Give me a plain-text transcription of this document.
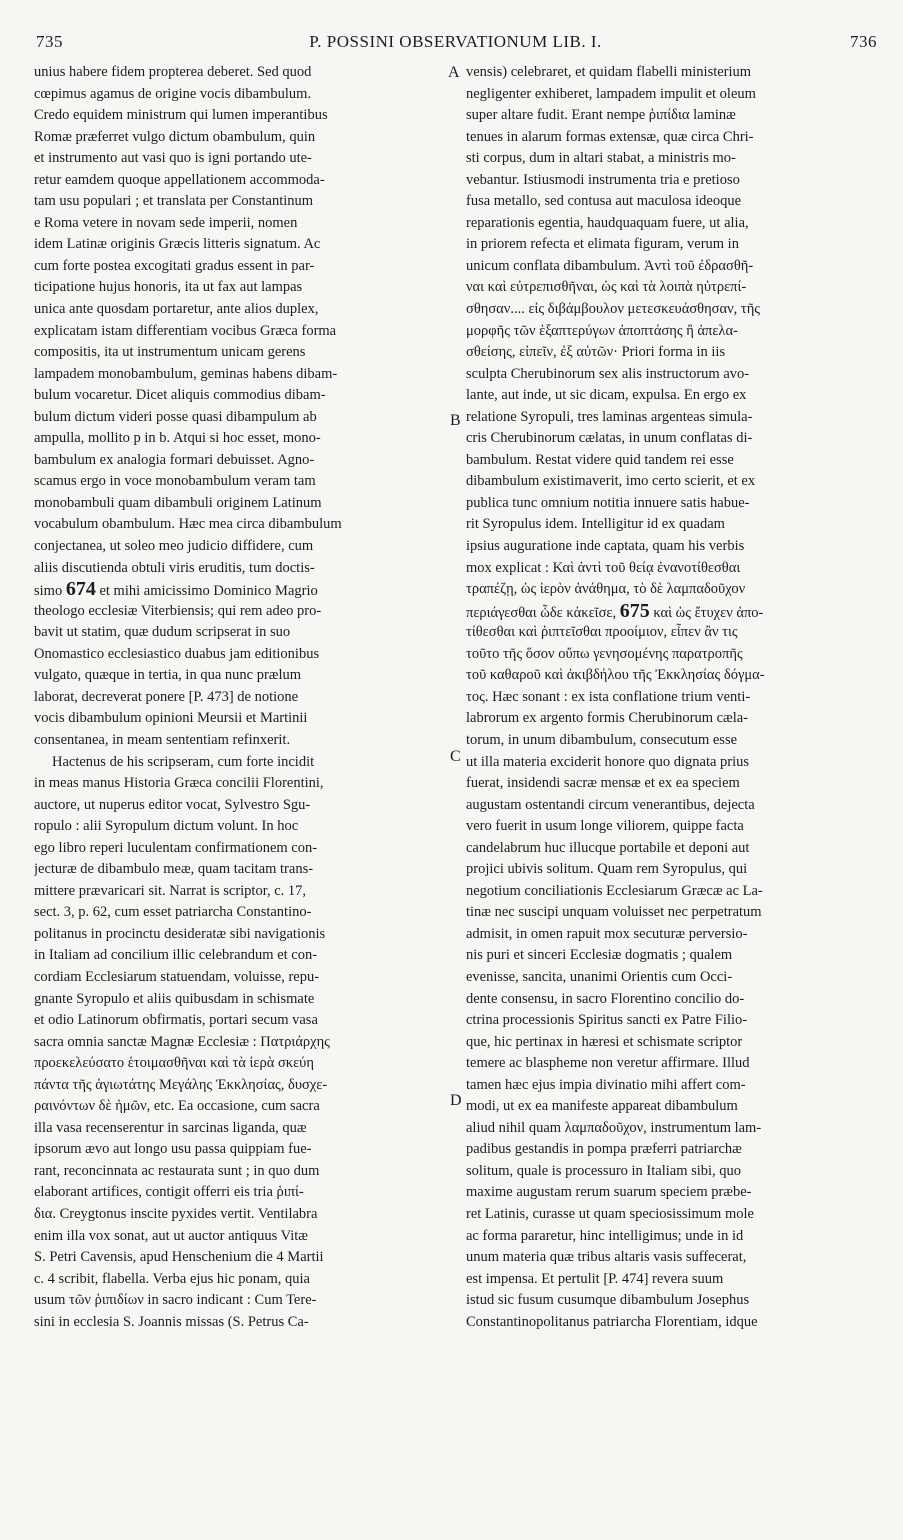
735	P. POSSINI OBSERVATIONUM LIB. I.	736
A
B
C
D
unius habere fidem propterea deberet. Sed quod
cœpimus agamus de origine vocis dibambulum.
Credo equidem ministrum qui lumen imperantibus
Romæ præferret vulgo dictum obambulum, quin
et instrumento aut vasi quo is igni portando ute-
retur eamdem quoque appellationem accommoda-
tam usu populari ; et translata per Constantinum
e Roma vetere in novam sede imperii, nomen
idem Latinæ originis Græcis litteris signatum. Ac
cum forte postea excogitati gradus essent in par-
ticipatione hujus honoris, ita ut fax aut lampas
unica ante quosdam portaretur, ante alios duplex,
explicatam istam differentiam vocibus Græca forma
compositis, ita ut instrumentum unicam gerens
lampadem monobambulum, geminas habens dibam-
bulum vocaretur. Dicet aliquis commodius dibam-
bulum dictum videri posse quasi dibampulum ab
ampulla, mollito p in b. Atqui si hoc esset, mono-
bambulum ex analogia formari debuisset. Agno-
scamus ergo in voce monobambulum veram tam
monobambuli quam dibambuli originem Latinum
vocabulum obambulum. Hæc mea circa dibambulum
conjectanea, ut soleo meo judicio diffidere, cum
aliis discutienda obtuli viris eruditis, tum doctis-
simo 674 et mihi amicissimo Dominico Magrio
theologo ecclesiæ Viterbiensis; qui rem adeo pro-
bavit ut statim, quæ dudum scripserat in suo
Onomastico ecclesiastico duabus jam editionibus
vulgato, quæque in tertia, in qua nunc prælum
laborat, decreverat ponere [P. 473] de notione
vocis dibambulum opinioni Meursii et Martinii
consentanea, in meam sententiam refinxerit.
Hactenus de his scripseram, cum forte incidit
in meas manus Historia Græca concilii Florentini,
auctore, ut nuperus editor vocat, Sylvestro Sgu-
ropulo : alii Syropulum dictum volunt. In hoc
ego libro reperi luculentam confirmationem con-
jecturæ de dibambulo meæ, quam tacitam trans-
mittere prævaricari sit. Narrat is scriptor, c. 17,
sect. 3, p. 62, cum esset patriarcha Constantino-
politanus in procinctu desideratæ sibi navigationis
in Italiam ad concilium illic celebrandum et con-
cordiam Ecclesiarum statuendam, voluisse, repu-
gnante Syropulo et aliis quibusdam in schismate
et odio Latinorum obfirmatis, portari secum vasa
sacra omnia sanctæ Magnæ Ecclesiæ : Πατριάρχης
προεκελεύσατο ἑτοιμασθῆναι καὶ τὰ ἱερὰ σκεύη
πάντα τῆς ἁγιωτάτης Μεγάλης Ἐκκλησίας, δυσχε-
ραινόντων δὲ ἡμῶν, etc. Ea occasione, cum sacra
illa vasa recenserentur in sarcinas liganda, quæ
ipsorum ævo aut longo usu passa quippiam fue-
rant, reconcinnata ac restaurata sunt ; in quo dum
elaborant artifices, contigit offerri eis tria ῥιπί-
δια. Creygtonus inscite pyxides vertit. Ventilabra
enim illa vox sonat, aut ut auctor antiquus Vitæ
S. Petri Cavensis, apud Henschenium die 4 Martii
c. 4 scribit, flabella. Verba ejus hic ponam, quia
usum τῶν ῥιπιδίων in sacro indicant : Cum Tere-
sini in ecclesia S. Joannis missas (S. Petrus Ca-
vensis) celebraret, et quidam flabelli ministerium
negligenter exhiberet, lampadem impulit et oleum
super altare fudit. Erant nempe ῥιπίδια laminæ
tenues in alarum formas extensæ, quæ circa Chri-
sti corpus, dum in altari stabat, a ministris mo-
vebantur. Istiusmodi instrumenta tria e pretioso
fusa metallo, sed contusa aut maculosa ideoque
reparationis egentia, haudquaquam fuere, ut alia,
in priorem refecta et elimata figuram, verum in
unicum conflata dibambulum. Ἀντὶ τοῦ ἐδρασθῆ-
ναι καὶ εὐτρεπισθῆναι, ὡς καὶ τὰ λοιπὰ ηὐτρεπί-
σθησαν.... εἰς διβάμβουλον μετεσκευάσθησαν, τῆς
μορφῆς τῶν ἑξαπτερύγων ἀποπτάσης ἢ ἀπελα-
σθείσης, εἰπεῖν, ἐξ αὐτῶν· Priori forma in iis
sculpta Cherubinorum sex alis instructorum avo-
lante, aut inde, ut sic dicam, expulsa. En ergo ex
relatione Syropuli, tres laminas argenteas simula-
cris Cherubinorum cælatas, in unum conflatas di-
bambulum. Restat videre quid tandem rei esse
dibambulum existimaverit, imo certo scierit, et ex
publica tunc omnium notitia innuere satis habue-
rit Syropulus idem. Intelligitur id ex quadam
ipsius auguratione inde captata, quam his verbis
mox explicat : Καὶ ἀντὶ τοῦ θείᾳ ἐνανοτίθεσθαι
τραπέζῃ, ὡς ἱερὸν ἀνάθημα, τὸ δὲ λαμπαδοῦχον
περιάγεσθαι ὧδε κἀκεῖσε, 675 καὶ ὡς ἔτυχεν ἀπο-
τίθεσθαι καὶ ῥιπτεῖσθαι προοίμιον, εἶπεν ἂν τις
τοῦτο τῆς ὅσον οὔπω γενησομένης παρατροπῆς
τοῦ καθαροῦ καὶ ἀκιβδήλου τῆς Ἐκκλησίας δόγμα-
τος. Hæc sonant : ex ista conflatione trium venti-
labrorum ex argento formis Cherubinorum cæla-
torum, in unum dibambulum, consecutum esse
ut illa materia exciderit honore quo dignata prius
fuerat, insidendi sacræ mensæ et ex ea speciem
augustam ostentandi circum venerantibus, dejecta
vero fuerit in usum longe viliorem, quippe facta
candelabrum huc illucque portabile et deponi aut
projici ubivis solitum. Quam rem Syropulus, qui
negotium conciliationis Ecclesiarum Græcæ ac La-
tinæ nec suscipi unquam voluisset nec perpetratum
admisit, in omen rapuit mox secuturæ perversio-
nis puri et sinceri Ecclesiæ dogmatis ; qualem
evenisse, sancita, unanimi Orientis cum Occi-
dente consensu, in sacro Florentino concilio do-
ctrina processionis Spiritus sancti ex Patre Filio-
que, hic pertinax in hæresi et schismate scriptor
temere ac blaspheme non veretur affirmare. Illud
tamen hæc ejus impia divinatio mihi affert com-
modi, ut ex ea manifeste appareat dibambulum
aliud nihil quam λαμπαδοῦχον, instrumentum lam-
padibus gestandis in pompa præferri patriarchæ
solitum, quale is processuro in Italiam sibi, quo
maxime augustam rerum suarum speciem præbe-
ret Latinis, curasse ut quam speciosissimum mole
ac forma pararetur, hinc intelligimus; unde in id
unum materia quæ tribus altaris vasis suffecerat,
est impensa. Et pertulit [P. 474] revera suum
istud sic fusum cusumque dibambulum Josephus
Constantinopolitanus patriarcha Florentiam, idque
